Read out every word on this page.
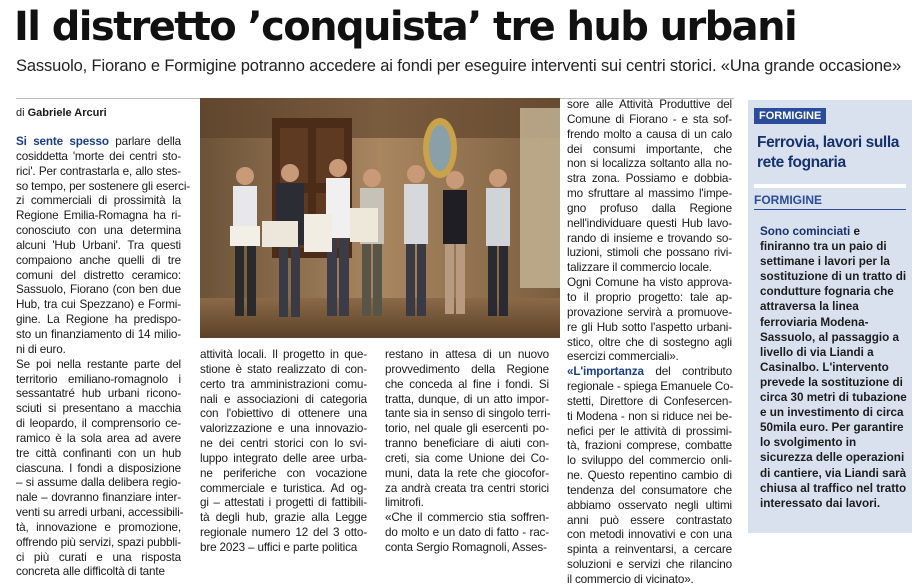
Il distretto ’conquista’ tre hub urbani
Sassuolo, Fiorano e Formigine potranno accedere ai fondi per eseguire interventi sui centri storici. «Una grande occasione»
di Gabriele Arcuri
Si sente spesso parlare della
cosiddetta 'morte dei centri sto-
rici'. Per contrastarla e, allo stes-
so tempo, per sostenere gli eserci-
zi commerciali di prossimità la
Regione Emilia-Romagna ha ri-
conosciuto con una determina
alcuni 'Hub Urbani'. Tra questi
compaiono anche quelli di tre
comuni del distretto ceramico:
Sassuolo, Fiorano (con ben due
Hub, tra cui Spezzano) e Formi-
gine. La Regione ha predispo-
sto un finanziamento di 14 milio-
ni di euro.
Se poi nella restante parte del
territorio emiliano-romagnolo i
sessantatré hub urbani ricono-
sciuti si presentano a macchia
di leopardo, il comprensorio ce-
ramico è la sola area ad avere
tre città confinanti con un hub
ciascuna. I fondi a disposizione
– si assume dalla delibera regio-
nale – dovranno finanziare inter-
venti su arredi urbani, accessibili-
tà, innovazione e promozione,
offrendo più servizi, spazi pubbli-
ci più curati e una risposta
concreta alle difficoltà di tante
attività locali. Il progetto in que-
stione è stato realizzato di con-
certo tra amministrazioni comu-
nali e associazioni di categoria
con l'obiettivo di ottenere una
valorizzazione e una innovazio-
ne dei centri storici con lo svi-
luppo integrato delle aree urba-
ne periferiche con vocazione
commerciale e turistica. Ad og-
gi – attestati i progetti di fattibili-
tà degli hub, grazie alla Legge
regionale numero 12 del 3 otto-
bre 2023 – uffici e parte politica
restano in attesa di un nuovo
provvedimento della Regione
che conceda al fine i fondi. Si
tratta, dunque, di un atto impor-
tante sia in senso di singolo terri-
torio, nel quale gli esercenti po-
tranno beneficiare di aiuti con-
creti, sia come Unione dei Co-
muni, data la rete che giocofor-
za andrà creata tra centri storici
limitrofi.
«Che il commercio stia soffren-
do molto e un dato di fatto - rac-
conta Sergio Romagnoli, Asses-
sore alle Attività Produttive del
Comune di Fiorano - e sta sof-
frendo molto a causa di un calo
dei consumi importante, che
non si localizza soltanto alla no-
stra zona. Possiamo e dobbia-
mo sfruttare al massimo l'impe-
gno profuso dalla Regione
nell'individuare questi Hub lavo-
rando di insieme e trovando so-
luzioni, stimoli che possano rivi-
talizzare il commercio locale.
Ogni Comune ha visto approva-
to il proprio progetto: tale ap-
provazione servirà a promuove-
re gli Hub sotto l'aspetto urbani-
stico, oltre che di sostegno agli
esercizi commerciali».
«L'importanza del contributo
regionale - spiega Emanuele Co-
stetti, Direttore di Confesercen-
ti Modena - non si riduce nei be-
nefici per le attività di prossimi-
tà, frazioni comprese, combatte
lo sviluppo del commercio onli-
ne. Questo repentino cambio di
tendenza del consumatore che
abbiamo osservato negli ultimi
anni può essere contrastato
con metodi innovativi e con una
spinta a reinventarsi, a cercare
soluzioni e servizi che rilancino
il commercio di vicinato».
FORMIGINE
Ferrovia, lavori sulla rete fognaria
FORMIGINE
Sono cominciati e finiranno tra un paio di settimane i lavori per la sostituzione di un tratto di condutture fognaria che attraversa la linea ferroviaria Modena-Sassuolo, al passaggio a livello di via Liandi a Casinalbo. L'intervento prevede la sostituzione di circa 30 metri di tubazione e un investimento di circa 50mila euro. Per garantire lo svolgimento in sicurezza delle operazioni di cantiere, via Liandi sarà chiusa al traffico nel tratto interessato dai lavori.
